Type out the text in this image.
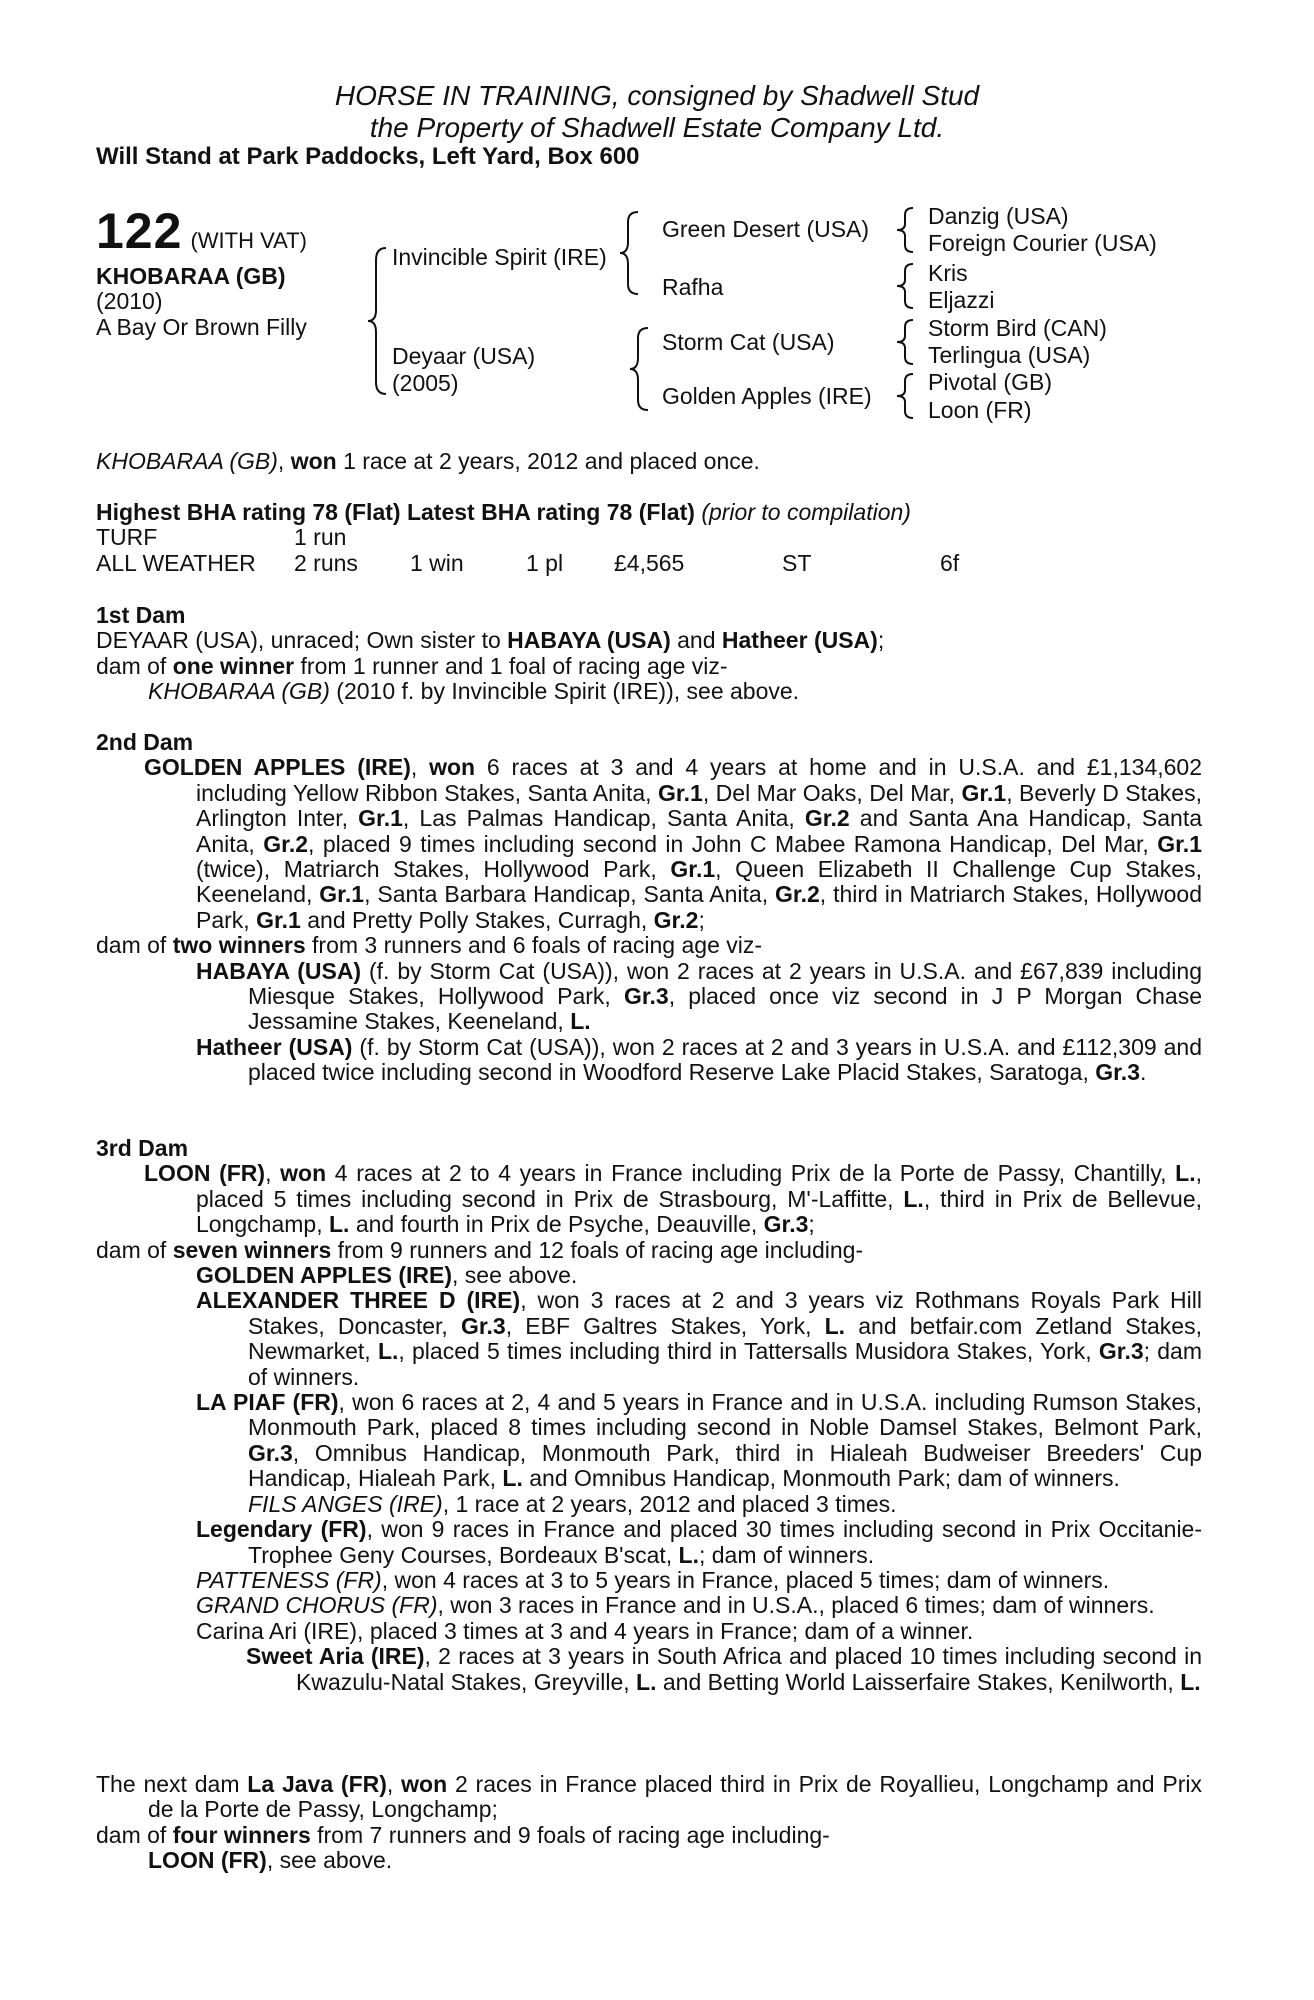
HORSE IN TRAINING, consigned by Shadwell Stud
the Property of Shadwell Estate Company Ltd.
Will Stand at Park Paddocks, Left Yard, Box 600
122 (WITH VAT)
KHOBARAA (GB)
(2010)
A Bay Or Brown Filly
Invincible Spirit (IRE)
Deyaar (USA)
(2005)
Green Desert (USA)
Rafha
Storm Cat (USA)
Golden Apples (IRE)
Danzig (USA)
Foreign Courier (USA)
Kris
Eljazzi
Storm Bird (CAN)
Terlingua (USA)
Pivotal (GB)
Loon (FR)

KHOBARAA (GB), won 1 race at 2 years, 2012 and placed once.

Highest BHA rating 78 (Flat) Latest BHA rating 78 (Flat) (prior to compilation)

TURF	1 run
ALL WEATHER	2 runs	1 win	1 pl	£4,565	ST	6f

1st Dam

DEYAAR (USA), unraced; Own sister to HABAYA (USA) and Hatheer (USA);

dam of one winner from 1 runner and 1 foal of racing age viz-

KHOBARAA (GB) (2010 f. by Invincible Spirit (IRE)), see above.

2nd Dam

GOLDEN APPLES (IRE), won 6 races at 3 and 4 years at home and in U.S.A. and £1,134,602 including Yellow Ribbon Stakes, Santa Anita, Gr.1, Del Mar Oaks, Del Mar, Gr.1, Beverly D Stakes, Arlington Inter, Gr.1, Las Palmas Handicap, Santa Anita, Gr.2 and Santa Ana Handicap, Santa Anita, Gr.2, placed 9 times including second in John C Mabee Ramona Handicap, Del Mar, Gr.1 (twice), Matriarch Stakes, Hollywood Park, Gr.1, Queen Elizabeth II Challenge Cup Stakes, Keeneland, Gr.1, Santa Barbara Handicap, Santa Anita, Gr.2, third in Matriarch Stakes, Hollywood Park, Gr.1 and Pretty Polly Stakes, Curragh, Gr.2;

dam of two winners from 3 runners and 6 foals of racing age viz-

HABAYA (USA) (f. by Storm Cat (USA)), won 2 races at 2 years in U.S.A. and £67,839 including Miesque Stakes, Hollywood Park, Gr.3, placed once viz second in J P Morgan Chase Jessamine Stakes, Keeneland, L.

Hatheer (USA) (f. by Storm Cat (USA)), won 2 races at 2 and 3 years in U.S.A. and £112,309 and placed twice including second in Woodford Reserve Lake Placid Stakes, Saratoga, Gr.3.

3rd Dam

LOON (FR), won 4 races at 2 to 4 years in France including Prix de la Porte de Passy, Chantilly, L., placed 5 times including second in Prix de Strasbourg, M'-Laffitte, L., third in Prix de Bellevue, Longchamp, L. and fourth in Prix de Psyche, Deauville, Gr.3;

dam of seven winners from 9 runners and 12 foals of racing age including-

GOLDEN APPLES (IRE), see above.

ALEXANDER THREE D (IRE), won 3 races at 2 and 3 years viz Rothmans Royals Park Hill Stakes, Doncaster, Gr.3, EBF Galtres Stakes, York, L. and betfair.com Zetland Stakes, Newmarket, L., placed 5 times including third in Tattersalls Musidora Stakes, York, Gr.3; dam of winners.

LA PIAF (FR), won 6 races at 2, 4 and 5 years in France and in U.S.A. including Rumson Stakes, Monmouth Park, placed 8 times including second in Noble Damsel Stakes, Belmont Park, Gr.3, Omnibus Handicap, Monmouth Park, third in Hialeah Budweiser Breeders' Cup Handicap, Hialeah Park, L. and Omnibus Handicap, Monmouth Park; dam of winners.

FILS ANGES (IRE), 1 race at 2 years, 2012 and placed 3 times.

Legendary (FR), won 9 races in France and placed 30 times including second in Prix Occitanie-Trophee Geny Courses, Bordeaux B'scat, L.; dam of winners.

PATTENESS (FR), won 4 races at 3 to 5 years in France, placed 5 times; dam of winners.

GRAND CHORUS (FR), won 3 races in France and in U.S.A., placed 6 times; dam of winners.

Carina Ari (IRE), placed 3 times at 3 and 4 years in France; dam of a winner.

Sweet Aria (IRE), 2 races at 3 years in South Africa and placed 10 times including second in Kwazulu-Natal Stakes, Greyville, L. and Betting World Laisserfaire Stakes, Kenilworth, L.

The next dam La Java (FR), won 2 races in France placed third in Prix de Royallieu, Longchamp and Prix de la Porte de Passy, Longchamp;

dam of four winners from 7 runners and 9 foals of racing age including-

LOON (FR), see above.
